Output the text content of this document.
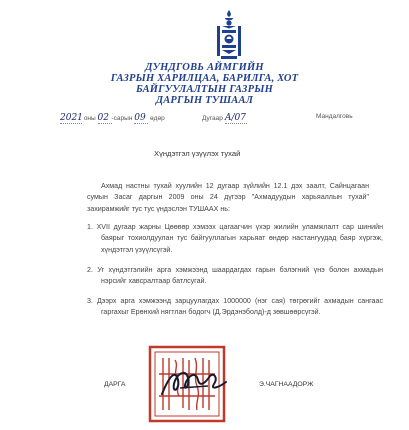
ДУНДГОВЬ АЙМГИЙН
ГАЗРЫН ХАРИЛЦАА, БАРИЛГА, ХОТ
БАЙГУУЛАЛТЫН ГАЗРЫН
ДАРГЫН ТУШААЛ
2021 оны 02 -сарын 09 өдөр	Дугаар А/07	Мандалговь
Хүндэтгэл үзүүлэх тухай
Ахмад настны тухай хуулийн 12 дугаар зүйлийн 12.1 дэх заалт, Сайнцагаан сумын Засаг даргын 2009 оны 24 дүгээр "Ахмадуудын харьяаллын тухай" захирамжийг тус тус үндэслэн ТУШААХ нь:
1. XVII дугаар жарны Цөөвөр хэмээх цагаагчин үхэр жилийн уламжлалт сар шинийн баярыг тохиолдуулан тус байгууллагын харьяат өндөр настангуудад баяр хүргэж, хүндэтгэл үзүүлсүгэй.
2. Уг хүндэтгэлийн арга хэмжээнд шаардагдах гарын бэлэгний үнэ болон ахмадын нэрсийг хавсралтаар батлсугай.
3. Дээрх арга хэмжээнд зарцуулагдах 1000000 (нэг сая) төгрөгийг ахмадын сангаас гаргахыг Ерөнхий нягтлан бодогч (Д.Эрдэнэболд)-д зөвшөөрсүгэй.
ДАРГА	Э.ЧАГНААДОРЖ
